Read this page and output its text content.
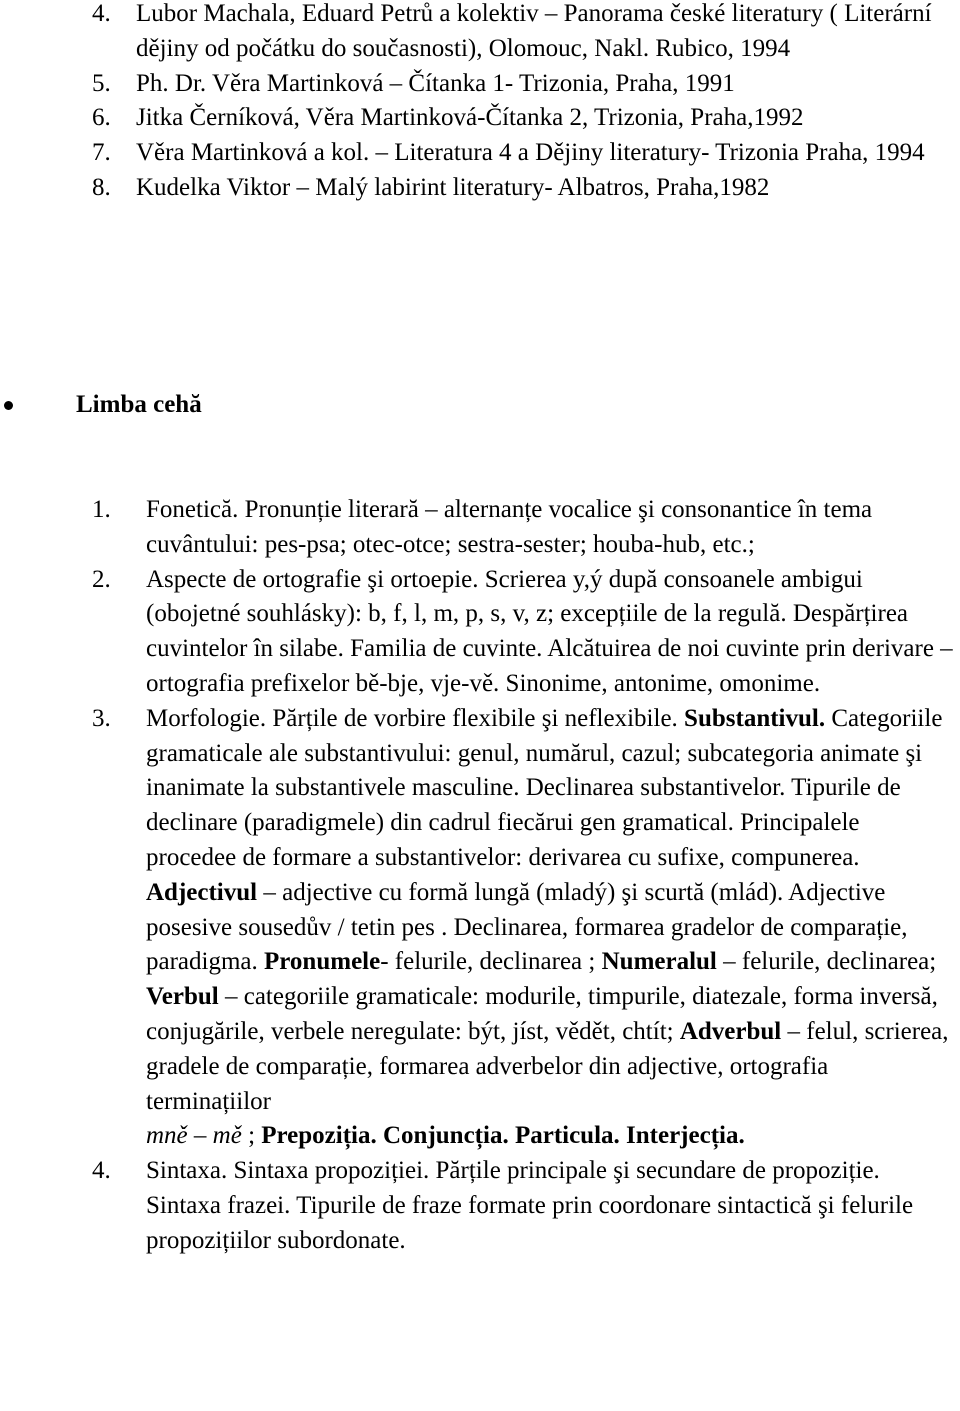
4. Lubor Machala, Eduard Petrů a kolektiv – Panorama české literatury ( Literární dějiny od počátku do současnosti), Olomouc, Nakl. Rubico, 1994
5. Ph. Dr. Věra Martinková – Čítanka 1- Trizonia, Praha, 1991
6. Jitka Černíková, Věra Martinková-Čítanka 2, Trizonia, Praha,1992
7. Věra Martinková a kol. – Literatura 4 a Dějiny literatury- Trizonia Praha, 1994
8. Kudelka Viktor – Malý labirint literatury- Albatros, Praha,1982
Limba cehă
1. Fonetică. Pronunție literară – alternanțe vocalice şi consonantice în tema cuvântului: pes-psa; otec-otce; sestra-sester; houba-hub, etc.;
2. Aspecte de ortografie şi ortoepie. Scrierea y,ý după consoanele ambigui (obojetné souhlásky): b, f, l, m, p, s, v, z; excepțiile de la regulă. Despărțirea cuvintelor în silabe. Familia de cuvinte. Alcătuirea de noi cuvinte prin derivare – ortografia prefixelor bě-bje, vje-vě. Sinonime, antonime, omonime.
3. Morfologie. Părțile de vorbire flexibile şi neflexibile. Substantivul. Categoriile gramaticale ale substantivului: genul, numărul, cazul; subcategoria animate şi inanimate la substantivele masculine. Declinarea substantivelor. Tipurile de declinare (paradigmele) din cadrul fiecărui gen gramatical. Principalele procedee de formare a substantivelor: derivarea cu sufixe, compunerea. Adjectivul – adjective cu formă lungă (mladý) şi scurtă (mlád). Adjective posesive sousedův / tetin pes . Declinarea, formarea gradelor de comparație, paradigma. Pronumele- felurile, declinarea ; Numeralul – felurile, declinarea; Verbul – categoriile gramaticale: modurile, timpurile, diatezale, forma inversă, conjugările, verbele neregulate: být, jíst, vědět, chtít; Adverbul – felul, scrierea, gradele de comparație, formarea adverbelor din adjective, ortografia terminațiilor
mně – mě ; Prepoziția. Conjuncția. Particula. Interjecția.
4. Sintaxa. Sintaxa propoziției. Părțile principale şi secundare de propoziție. Sintaxa frazei. Tipurile de fraze formate prin coordonare sintactică şi felurile propozițiilor subordonate.
